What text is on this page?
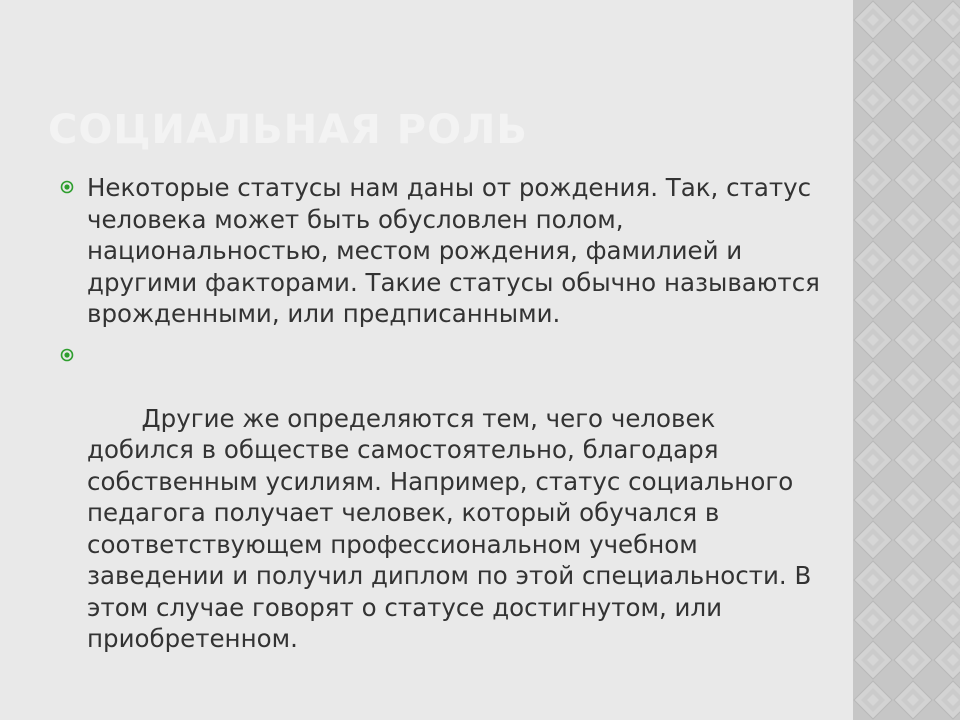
СОЦИАЛЬНАЯ РОЛЬ

Некоторые статусы нам даны от рождения. Так, статус человека может быть обусловлен полом, национальностью, местом рождения, фамилией и другими факторами. Такие статусы обычно называются врожденными, или предписанными.

Другие же определяются тем, чего человек добился в обществе самостоятельно, благодаря собственным усилиям. Например, статус социального педагога получает человек, который обучался в соответствующем профессиональном учебном заведении и получил диплом по этой специальности. В этом случае говорят о статусе достигнутом, или приобретенном.
